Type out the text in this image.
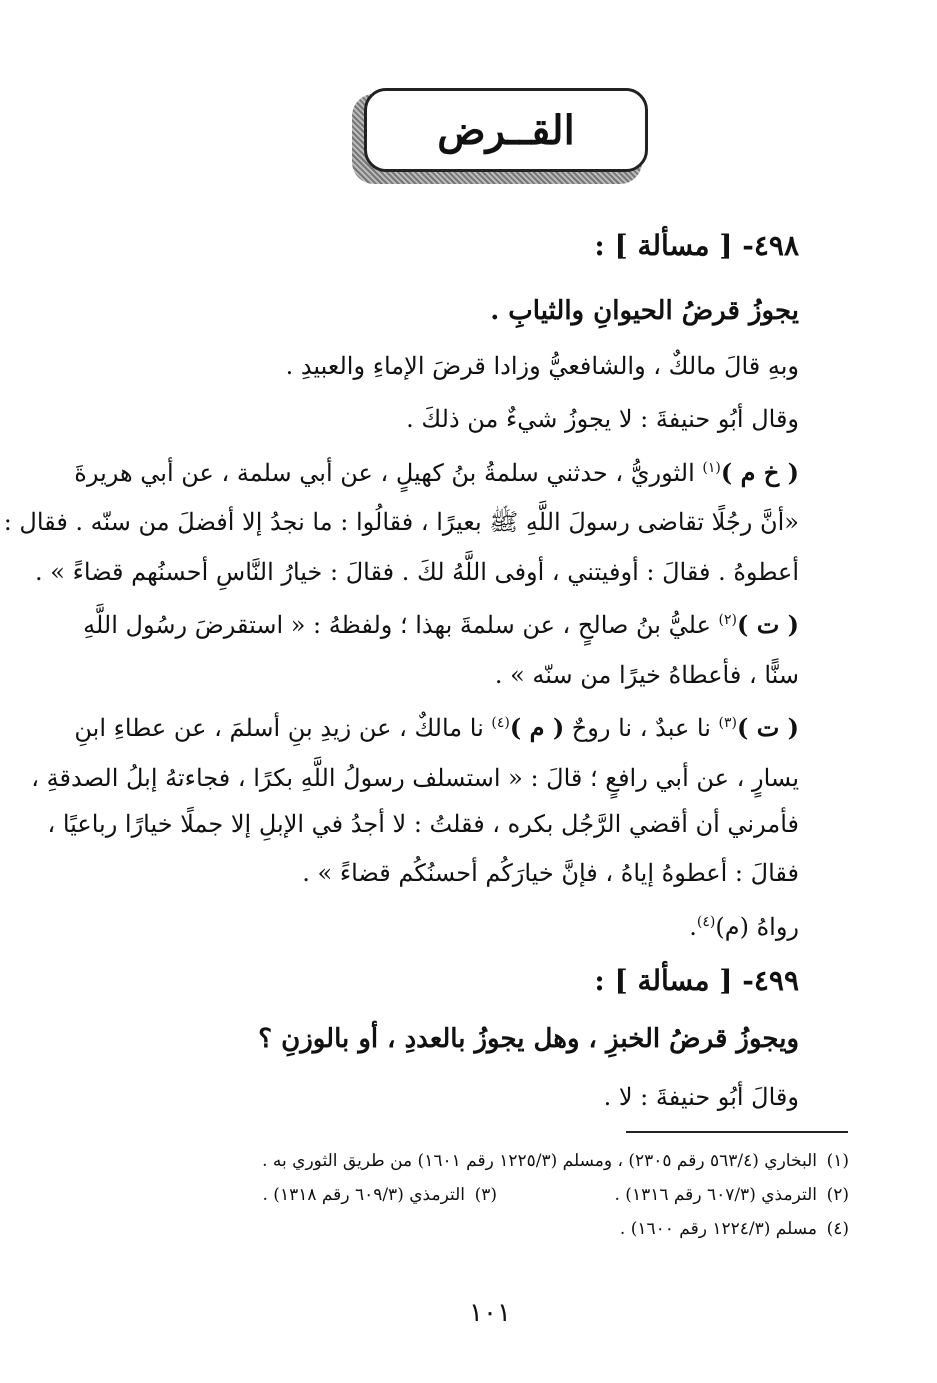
القــرض
٤٩٨- [ مسألة ] :
يجوزُ قرضُ الحيوانِ والثيابِ .
وبهِ قالَ مالكٌ ، والشافعيُّ وزادا قرضَ الإماءِ والعبيدِ .
وقال أبُو حنيفةَ : لا يجوزُ شيءٌ من ذلكَ .
( خ م )$^{(١)}$ الثوريُّ ، حدثني سلمةُ بنُ كهيلٍ ، عن أبي سلمة ، عن أبي هريرةَ
«أنَّ رجُلًا تقاضى رسولَ اللَّهِ ﷺ بعيرًا ، فقالُوا : ما نجدُ إلا أفضلَ من سنّه . فقال :
أعطوهُ . فقالَ : أوفيتني ، أوفى اللَّهُ لكَ . فقالَ : خيارُ النَّاسِ أحسنُهم قضاءً » .
( ت )$^{(٢)}$ عليُّ بنُ صالحٍ ، عن سلمةَ بهذا ؛ ولفظهُ : « استقرضَ رسُول اللَّهِ
سنًّا ، فأعطاهُ خيرًا من سنّه » .
( ت )$^{(٣)}$ نا عبدٌ ، نا روحٌ ( م )$^{(٤)}$ نا مالكٌ ، عن زيدِ بنِ أسلمَ ، عن عطاءِ ابنِ
يسارٍ ، عن أبي رافعٍ ؛ قالَ : « استسلف رسولُ اللَّهِ بكرًا ، فجاءتهُ إبلُ الصدقةِ ،
فأمرني أن أقضي الرَّجُل بكره ، فقلتُ : لا أجدُ في الإبلِ إلا جملًا خيارًا رباعيًا ،
فقالَ : أعطوهُ إياهُ ، فإنَّ خيارَكُم أحسنُكُم قضاءً » .
رواهُ (م)$^{(٤)}$.
٤٩٩- [ مسألة ] :
ويجوزُ قرضُ الخبزِ ، وهل يجوزُ بالعددِ ، أو بالوزنِ ؟
وقالَ أبُو حنيفةَ : لا .
(١)البخاري (٥٦٣/٤ رقم ٢٣٠٥) ، ومسلم (١٢٢٥/٣ رقم ١٦٠١) من طريق الثوري به .
(٢)الترمذي (٦٠٧/٣ رقم ١٣١٦) .
(٣)الترمذي (٦٠٩/٣ رقم ١٣١٨) .
(٤)مسلم (١٢٢٤/٣ رقم ١٦٠٠) .
١٠١
